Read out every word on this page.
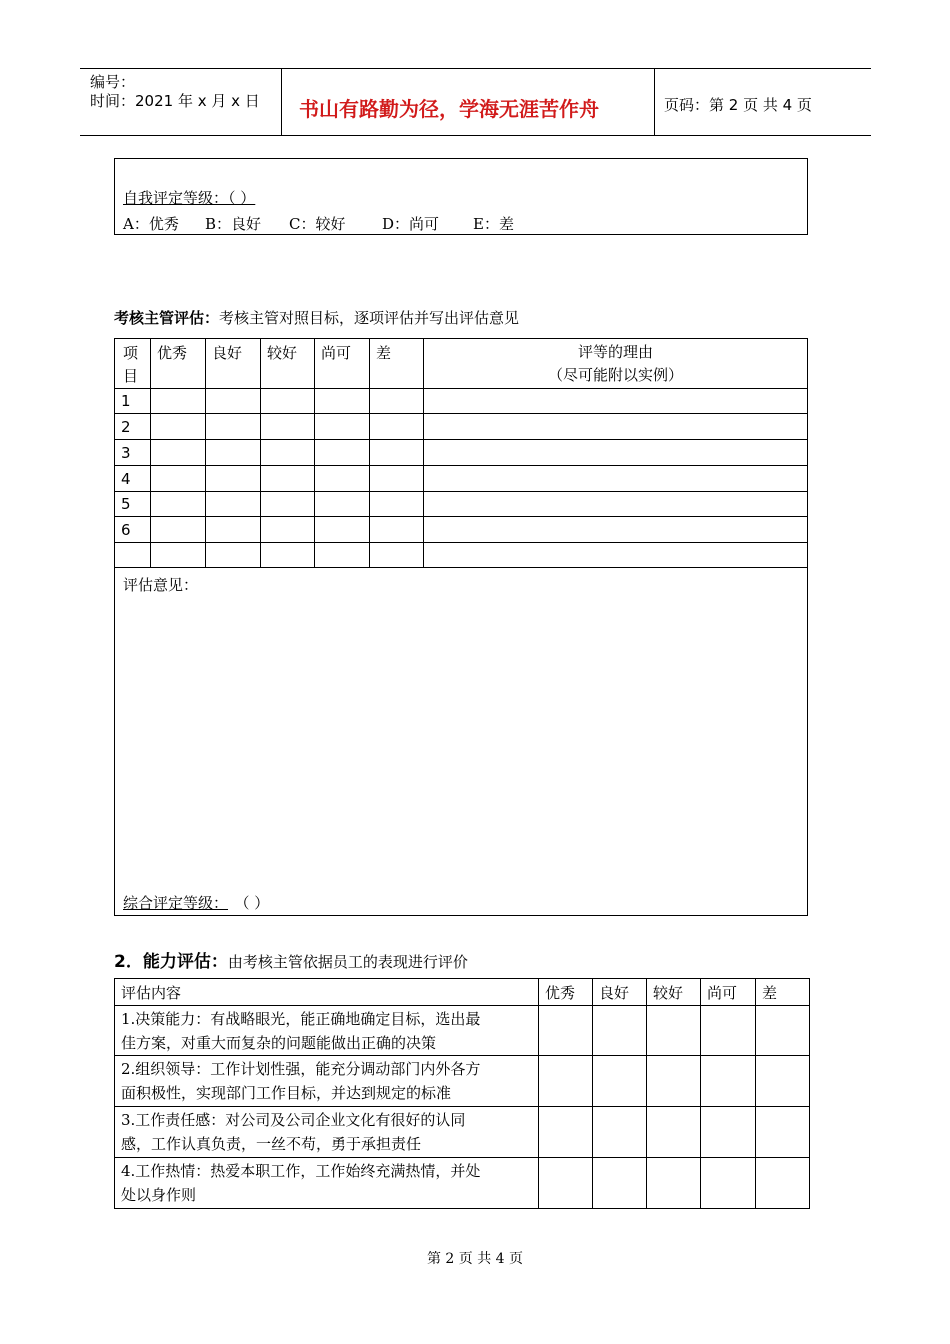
编号：
时间：2021 年 x 月 x 日 书山有路勤为径，学海无涯苦作舟	页码：第 2 页 共 4 页
自我评定等级：（ ）
A：优秀 B：良好 C：较好 D：尚可 E：差
考核主管评估：考核主管对照目标，逐项评估并写出评估意见
项目	优秀	良好	较好	尚可	差	评等的理由
（尽可能附以实例）

1						
2						
3						
4						
5						
6						

评估意见：
综合评定等级： （ ）						
2．能力评估：由考核主管依据员工的表现进行评价
评估内容	优秀	良好	较好	尚可	差

1.决策能力：有战略眼光，能正确地确定目标，选出最
佳方案，对重大而复杂的问题能做出正确的决策					

2.组织领导：工作计划性强，能充分调动部门内外各方
面积极性，实现部门工作目标，并达到规定的标准					

3.工作责任感：对公司及公司企业文化有很好的认同
感，工作认真负责，一丝不苟，勇于承担责任					

4.工作热情：热爱本职工作，工作始终充满热情，并处
处以身作则					

第 2 页 共 4 页
